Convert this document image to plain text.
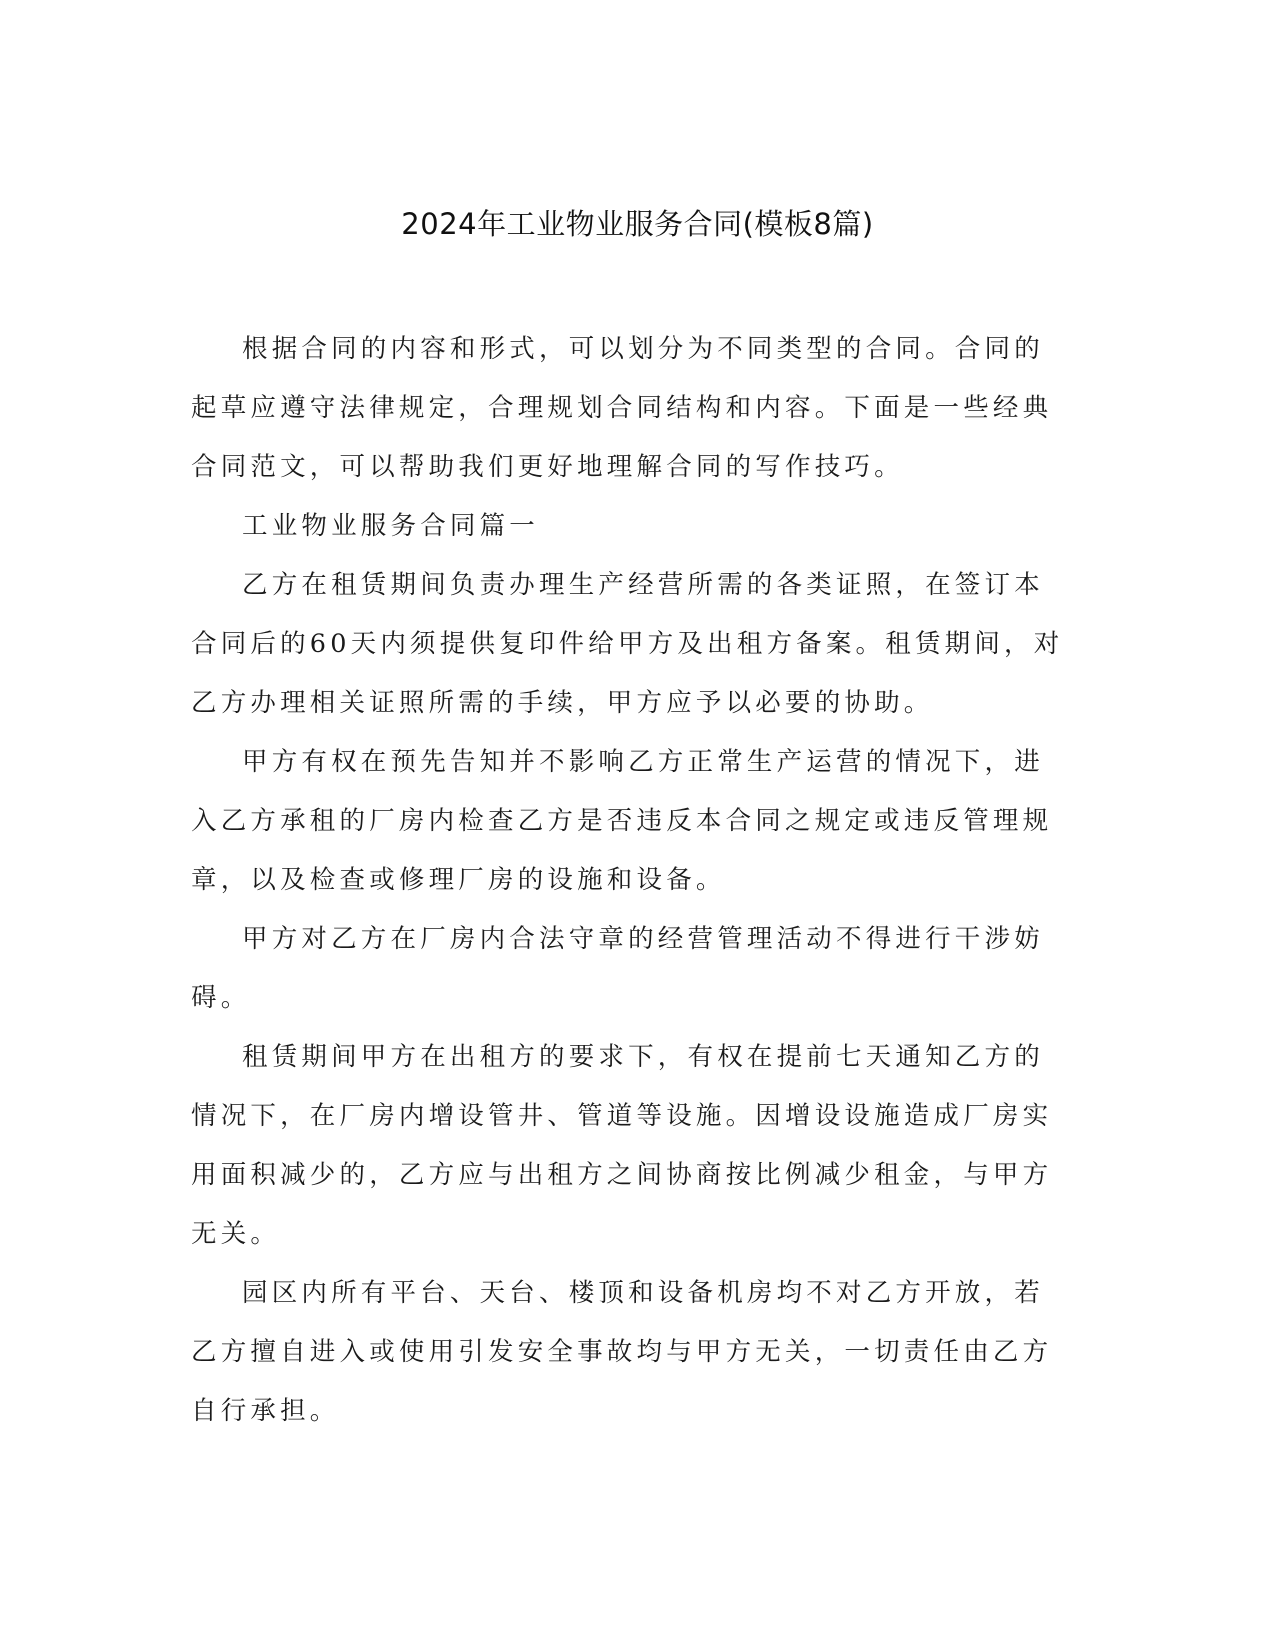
2024年工业物业服务合同(模板8篇)

根据合同的内容和形式，可以划分为不同类型的合同。合同的起草应遵守法律规定，合理规划合同结构和内容。下面是一些经典合同范文，可以帮助我们更好地理解合同的写作技巧。

工业物业服务合同篇一

乙方在租赁期间负责办理生产经营所需的各类证照，在签订本合同后的60天内须提供复印件给甲方及出租方备案。租赁期间，对乙方办理相关证照所需的手续，甲方应予以必要的协助。

甲方有权在预先告知并不影响乙方正常生产运营的情况下，进入乙方承租的厂房内检查乙方是否违反本合同之规定或违反管理规章，以及检查或修理厂房的设施和设备。

甲方对乙方在厂房内合法守章的经营管理活动不得进行干涉妨碍。

租赁期间甲方在出租方的要求下，有权在提前七天通知乙方的情况下，在厂房内增设管井、管道等设施。因增设设施造成厂房实用面积减少的，乙方应与出租方之间协商按比例减少租金，与甲方无关。

园区内所有平台、天台、楼顶和设备机房均不对乙方开放，若乙方擅自进入或使用引发安全事故均与甲方无关，一切责任由乙方自行承担。
